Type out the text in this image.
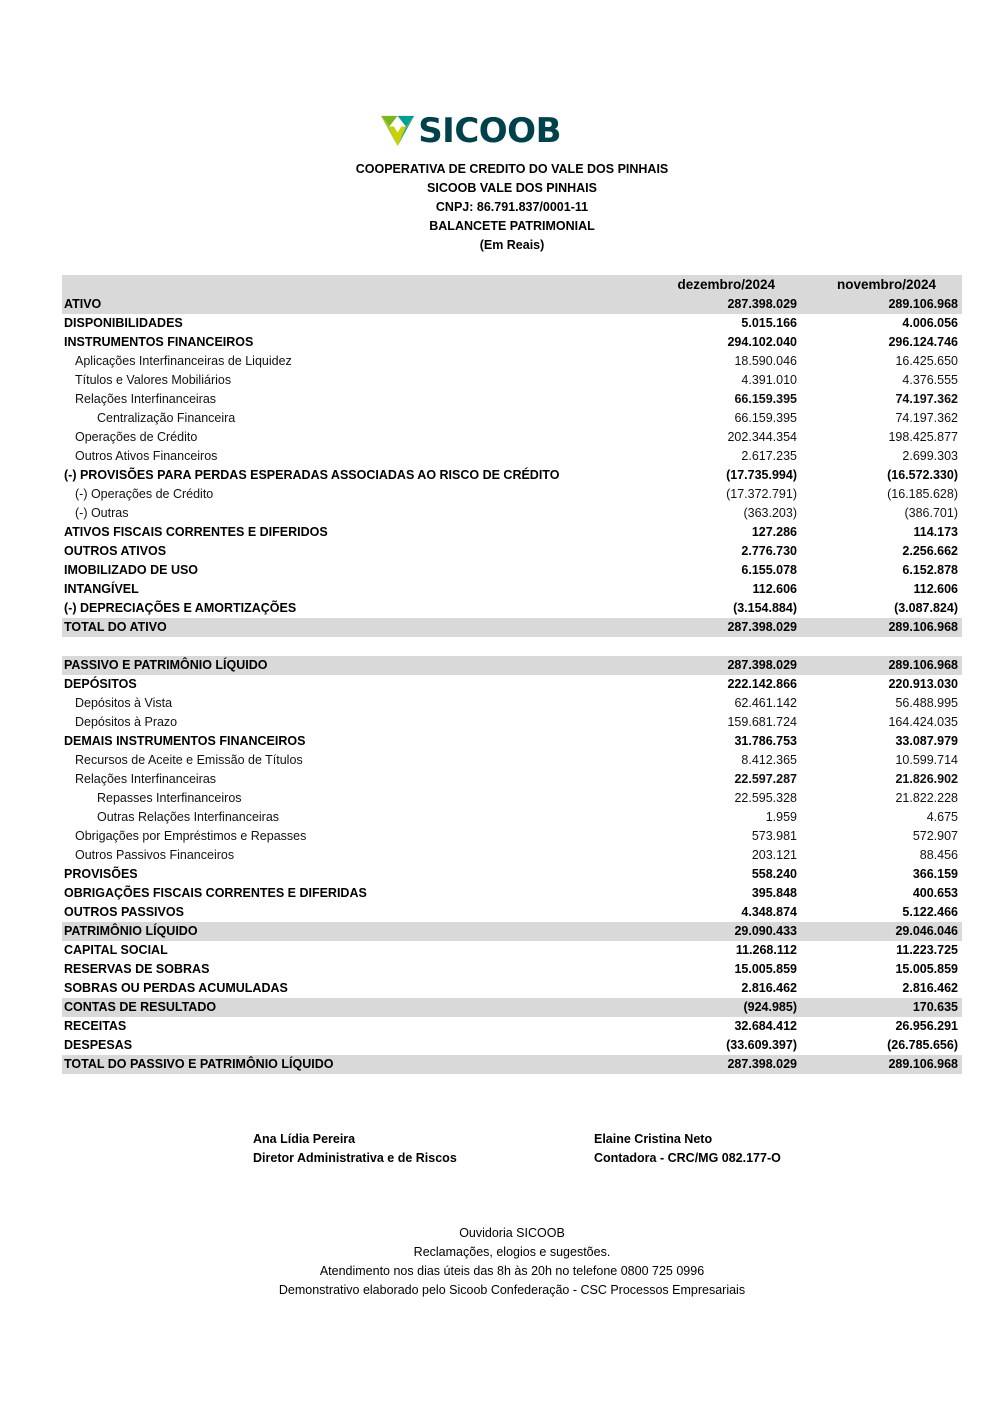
SICOOB
COOPERATIVA DE CREDITO DO VALE DOS PINHAIS
SICOOB VALE DOS PINHAIS
CNPJ: 86.791.837/0001-11
BALANCETE PATRIMONIAL
(Em Reais)
dezembro/2024	novembro/2024
ATIVO	287.398.029	289.106.968
DISPONIBILIDADES	5.015.166	4.006.056
INSTRUMENTOS FINANCEIROS	294.102.040	296.124.746
Aplicações Interfinanceiras de Liquidez	18.590.046	16.425.650
Títulos e Valores Mobiliários	4.391.010	4.376.555
Relações Interfinanceiras	66.159.395	74.197.362
Centralização Financeira	66.159.395	74.197.362
Operações de Crédito	202.344.354	198.425.877
Outros Ativos Financeiros	2.617.235	2.699.303
(-) PROVISÕES PARA PERDAS ESPERADAS ASSOCIADAS AO RISCO DE CRÉDITO	(17.735.994)	(16.572.330)
(-) Operações de Crédito	(17.372.791)	(16.185.628)
(-) Outras	(363.203)	(386.701)
ATIVOS FISCAIS CORRENTES E DIFERIDOS	127.286	114.173
OUTROS ATIVOS	2.776.730	2.256.662
IMOBILIZADO DE USO	6.155.078	6.152.878
INTANGÍVEL	112.606	112.606
(-) DEPRECIAÇÕES E AMORTIZAÇÕES	(3.154.884)	(3.087.824)
TOTAL DO ATIVO	287.398.029	289.106.968
PASSIVO E PATRIMÔNIO LÍQUIDO	287.398.029	289.106.968
DEPÓSITOS	222.142.866	220.913.030
Depósitos à Vista	62.461.142	56.488.995
Depósitos à Prazo	159.681.724	164.424.035
DEMAIS INSTRUMENTOS FINANCEIROS	31.786.753	33.087.979
Recursos de Aceite e Emissão de Títulos	8.412.365	10.599.714
Relações Interfinanceiras	22.597.287	21.826.902
Repasses Interfinanceiros	22.595.328	21.822.228
Outras Relações Interfinanceiras	1.959	4.675
Obrigações por Empréstimos e Repasses	573.981	572.907
Outros Passivos Financeiros	203.121	88.456
PROVISÕES	558.240	366.159
OBRIGAÇÕES FISCAIS CORRENTES E DIFERIDAS	395.848	400.653
OUTROS PASSIVOS	4.348.874	5.122.466
PATRIMÔNIO LÍQUIDO	29.090.433	29.046.046
CAPITAL SOCIAL	11.268.112	11.223.725
RESERVAS DE SOBRAS	15.005.859	15.005.859
SOBRAS OU PERDAS ACUMULADAS	2.816.462	2.816.462
CONTAS DE RESULTADO	(924.985)	170.635
RECEITAS	32.684.412	26.956.291
DESPESAS	(33.609.397)	(26.785.656)
TOTAL DO PASSIVO E PATRIMÔNIO LÍQUIDO	287.398.029	289.106.968
Ana Lídia Pereira
Diretor Administrativa e de Riscos
Elaine Cristina Neto
Contadora - CRC/MG 082.177-O
Ouvidoria SICOOB
Reclamações, elogios e sugestões.
Atendimento nos dias úteis das 8h às 20h no telefone 0800 725 0996
Demonstrativo elaborado pelo Sicoob Confederação - CSC Processos Empresariais
